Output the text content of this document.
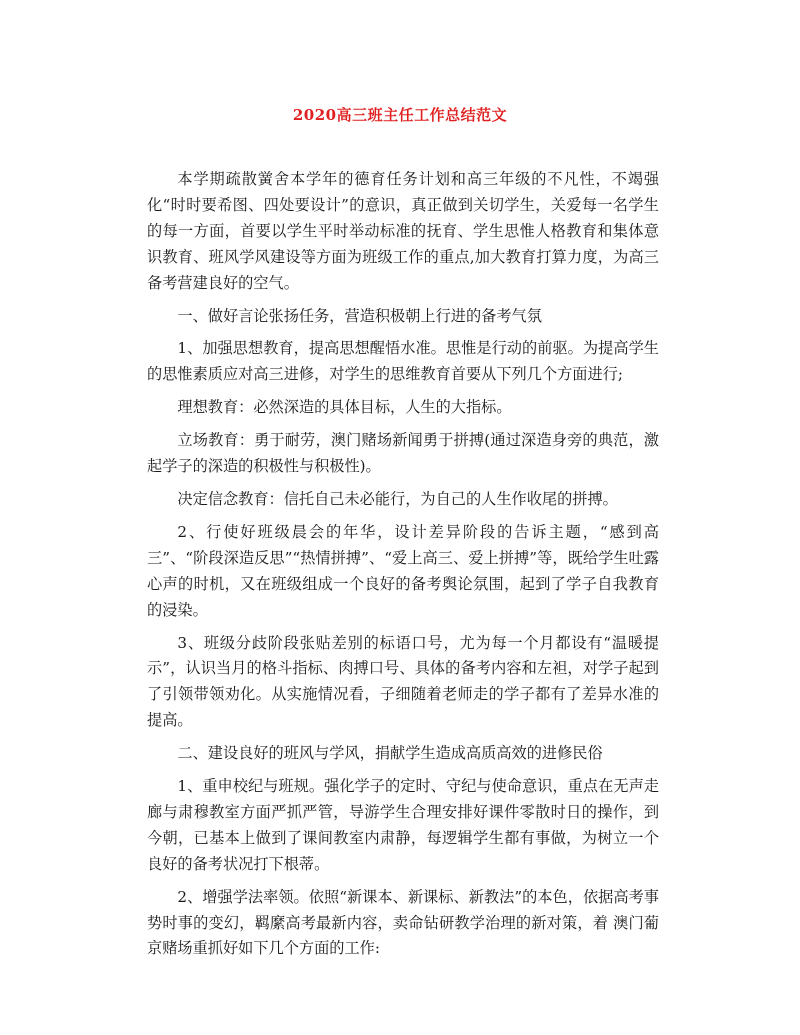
2020高三班主任工作总结范文

本学期疏散黉舍本学年的德育任务计划和高三年级的不凡性，不竭强化“时时要希图、四处要设计”的意识，真正做到关切学生，关爱每一名学生的每一方面，首要以学生平时举动标准的抚育、学生思惟人格教育和集体意识教育、班风学风建设等方面为班级工作的重点,加大教育打算力度，为高三备考营建良好的空气。

一、做好言论张扬任务，营造积极朝上行进的备考气氛

1、加强思想教育，提高思想醒悟水准。思惟是行动的前驱。为提高学生的思惟素质应对高三进修，对学生的思维教育首要从下列几个方面进行;

理想教育：必然深造的具体目标，人生的大指标。

立场教育：勇于耐劳，澳门赌场新闻勇于拼搏(通过深造身旁的典范，激起学子的深造的积极性与积极性)。

决定信念教育：信托自己未必能行，为自己的人生作收尾的拼搏。

2、行使好班级晨会的年华，设计差异阶段的告诉主题，“感到高三”、“阶段深造反思”“热情拼搏”、“爱上高三、爱上拼搏”等，既给学生吐露心声的时机，又在班级组成一个良好的备考舆论氛围，起到了学子自我教育的浸染。

3、班级分歧阶段张贴差别的标语口号，尤为每一个月都设有“温暖提示”，认识当月的格斗指标、肉搏口号、具体的备考内容和左袒，对学子起到了引领带领劝化。从实施情况看，子细随着老师走的学子都有了差异水准的提高。

二、建设良好的班风与学风，捐献学生造成高质高效的进修民俗

1、重申校纪与班规。强化学子的定时、守纪与使命意识，重点在无声走廊与肃穆教室方面严抓严管，导游学生合理安排好课件零散时日的操作，到今朝，已基本上做到了课间教室内肃静，每逻辑学生都有事做，为树立一个良好的备考状况打下根蒂。

2、增强学法率领。依照“新课本、新课标、新教法”的本色，依据高考事势时事的变幻，羁縻高考最新内容，卖命钻研教学治理的新对策，着 澳门葡京赌场重抓好如下几个方面的工作:
